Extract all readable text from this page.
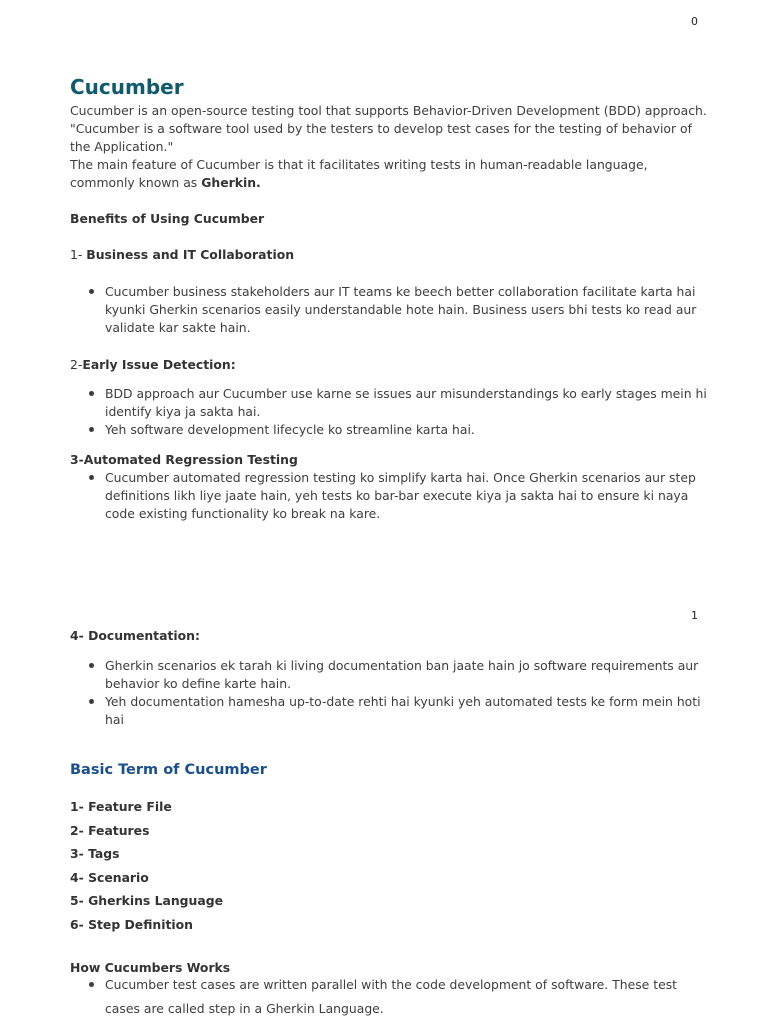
0
1
Cucumber
Cucumber is an open-source testing tool that supports Behavior-Driven Development (BDD) approach.
"Cucumber is a software tool used by the testers to develop test cases for the testing of behavior of
the Application."
The main feature of Cucumber is that it facilitates writing tests in human-readable language,
commonly known as Gherkin.
Benefits of Using Cucumber
1- Business and IT Collaboration
Cucumber business stakeholders aur IT teams ke beech better collaboration facilitate karta hai kyunki Gherkin scenarios easily understandable hote hain. Business users bhi tests ko read aur validate kar sakte hain.
2-Early Issue Detection:
BDD approach aur Cucumber use karne se issues aur misunderstandings ko early stages mein hi identify kiya ja sakta hai.
Yeh software development lifecycle ko streamline karta hai.
3-Automated Regression Testing
Cucumber automated regression testing ko simplify karta hai. Once Gherkin scenarios aur step definitions likh liye jaate hain, yeh tests ko bar-bar execute kiya ja sakta hai to ensure ki naya code existing functionality ko break na kare.
4- Documentation:
Gherkin scenarios ek tarah ki living documentation ban jaate hain jo software requirements aur behavior ko define karte hain.
Yeh documentation hamesha up-to-date rehti hai kyunki yeh automated tests ke form mein hoti hai
Basic Term of Cucumber
1- Feature File
2- Features
3- Tags
4- Scenario
5- Gherkins Language
6- Step Definition
How Cucumbers Works
Cucumber test cases are written parallel with the code development of software. These test cases are called step in a Gherkin Language.
